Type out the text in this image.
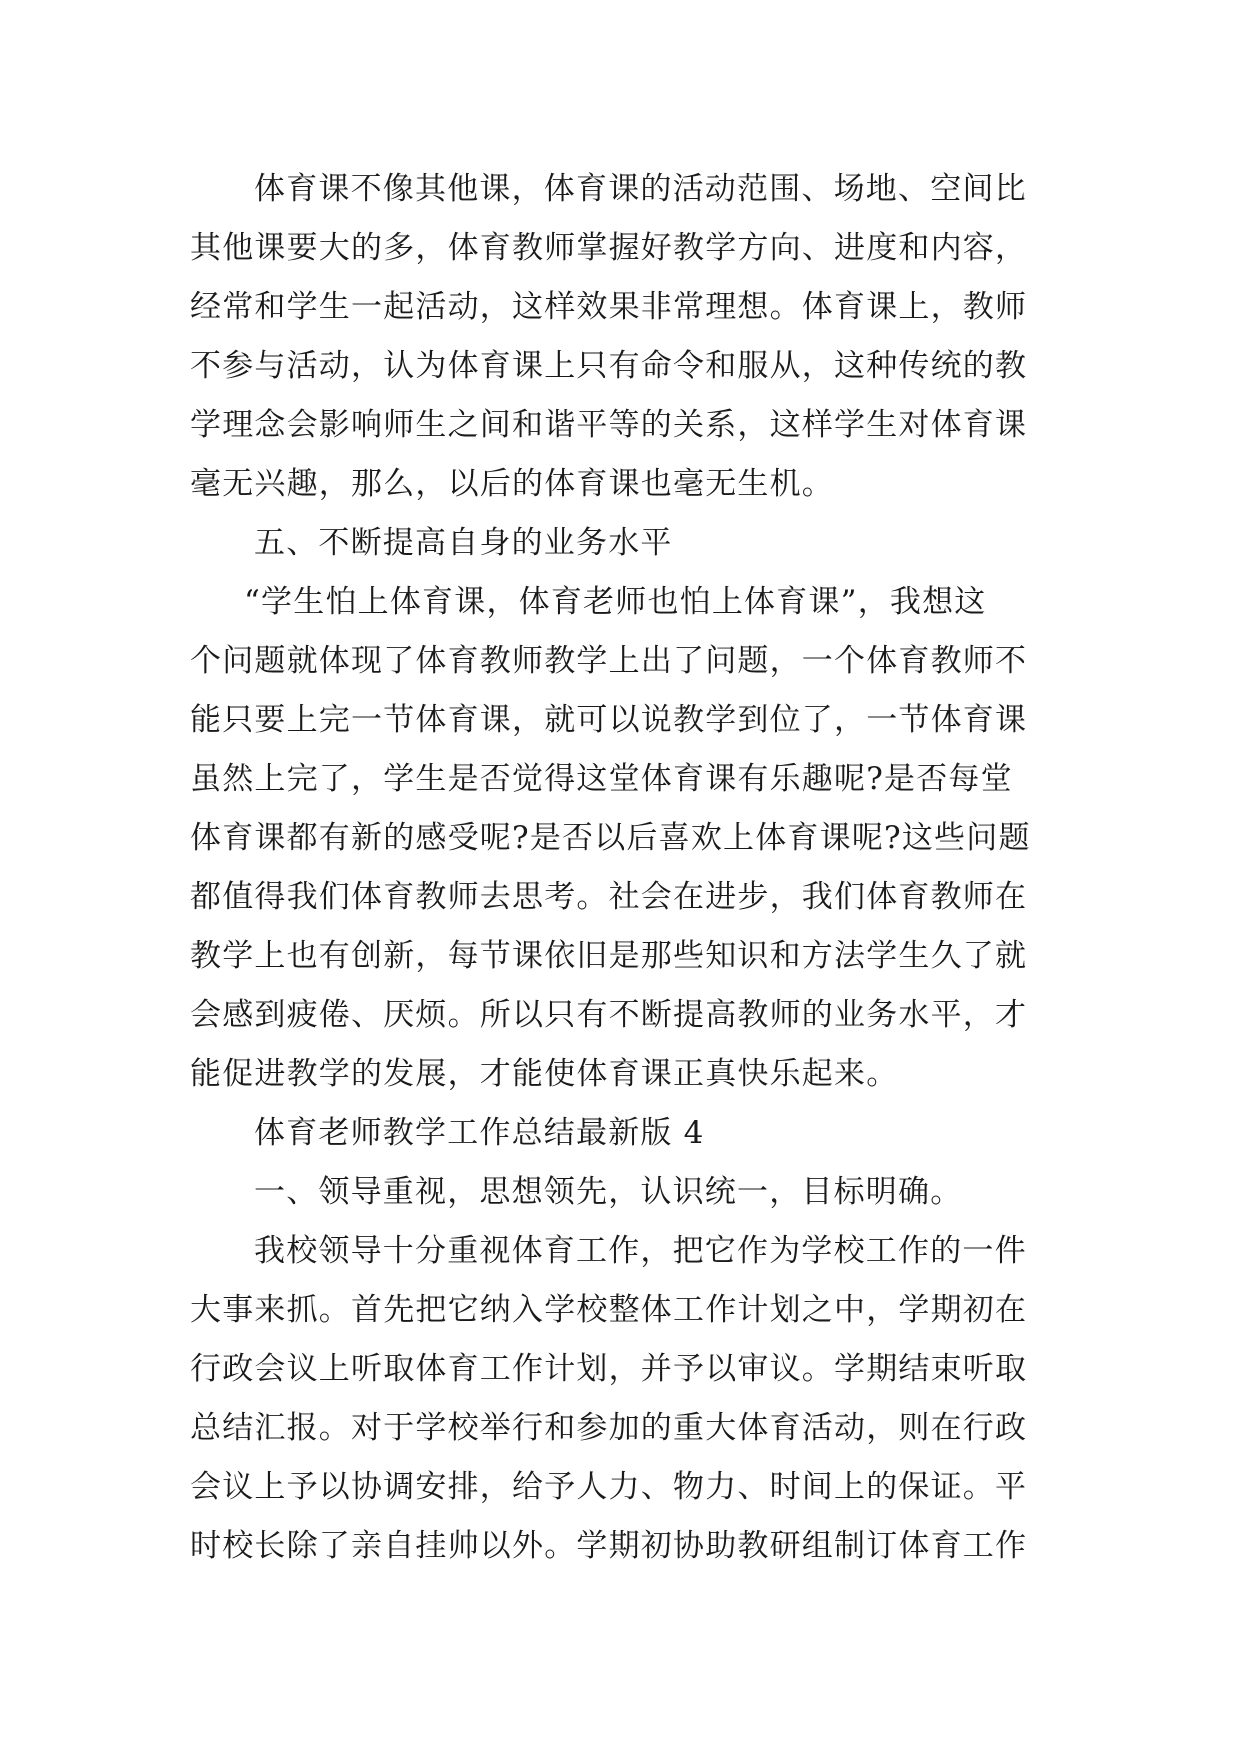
体育课不像其他课，体育课的活动范围、场地、空间比
其他课要大的多，体育教师掌握好教学方向、进度和内容，
经常和学生一起活动，这样效果非常理想。体育课上，教师
不参与活动，认为体育课上只有命令和服从，这种传统的教
学理念会影响师生之间和谐平等的关系，这样学生对体育课
毫无兴趣，那么，以后的体育课也毫无生机。
五、不断提高自身的业务水平
“学生怕上体育课，体育老师也怕上体育课”，我想这
个问题就体现了体育教师教学上出了问题，一个体育教师不
能只要上完一节体育课，就可以说教学到位了，一节体育课
虽然上完了，学生是否觉得这堂体育课有乐趣呢?是否每堂
体育课都有新的感受呢?是否以后喜欢上体育课呢?这些问题
都值得我们体育教师去思考。社会在进步，我们体育教师在
教学上也有创新，每节课依旧是那些知识和方法学生久了就
会感到疲倦、厌烦。所以只有不断提高教师的业务水平，才
能促进教学的发展，才能使体育课正真快乐起来。
体育老师教学工作总结最新版 4
一、领导重视，思想领先，认识统一，目标明确。
我校领导十分重视体育工作，把它作为学校工作的一件
大事来抓。首先把它纳入学校整体工作计划之中，学期初在
行政会议上听取体育工作计划，并予以审议。学期结束听取
总结汇报。对于学校举行和参加的重大体育活动，则在行政
会议上予以协调安排，给予人力、物力、时间上的保证。平
时校长除了亲自挂帅以外。学期初协助教研组制订体育工作
